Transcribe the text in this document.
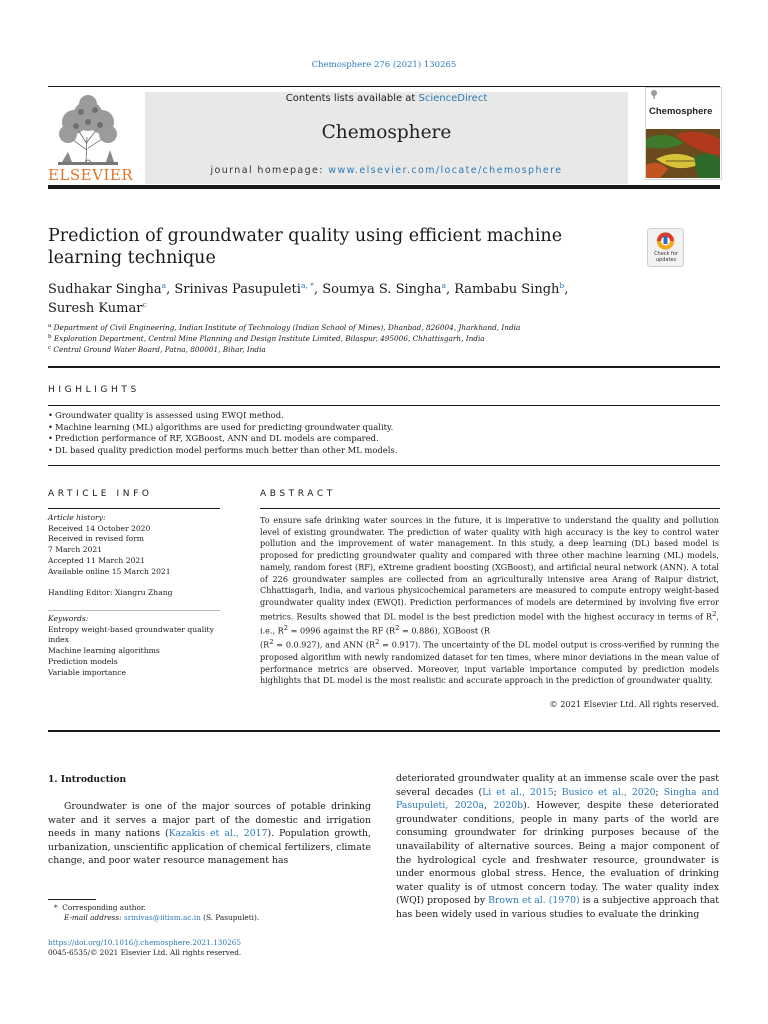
Chemosphere 276 (2021) 130265
ELSEVIER
Contents lists available at ScienceDirect
Chemosphere
journal homepage: www.elsevier.com/locate/chemosphere
Chemosphere
Prediction of groundwater quality using efficient machine learning technique	Check for updates
Sudhakar Singha$^a$, Srinivas Pasupuleti$^{a, *}$, Soumya S. Singha$^a$, Rambabu Singh$^b$,
Suresh Kumar$^c$
$^a$ Department of Civil Engineering, Indian Institute of Technology (Indian School of Mines), Dhanbad, 826004, Jharkhand, India
$^b$ Exploration Department, Central Mine Planning and Design Institute Limited, Bilaspur, 495006, Chhattisgarh, India
$^c$ Central Ground Water Board, Patna, 800001, Bihar, India
HIGHLIGHTS
• Groundwater quality is assessed using EWQI method.
• Machine learning (ML) algorithms are used for predicting groundwater quality.
• Prediction performance of RF, XGBoost, ANN and DL models are compared.
• DL based quality prediction model performs much better than other ML models.
ARTICLE INFO
Article history:
Received 14 October 2020
Received in revised form
7 March 2021
Accepted 11 March 2021
Available online 15 March 2021
Handling Editor: Xiangru Zhang
Keywords:
Entropy weight-based groundwater quality
index
Machine learning algorithms
Prediction models
Variable importance
ABSTRACT
To ensure safe drinking water sources in the future, it is imperative to understand the quality and pollution level of existing groundwater. The prediction of water quality with high accuracy is the key to control water pollution and the improvement of water management. In this study, a deep learning (DL) based model is proposed for predicting groundwater quality and compared with three other machine learning (ML) models, namely, random forest (RF), eXtreme gradient boosting (XGBoost), and artificial neural network (ANN). A total of 226 groundwater samples are collected from an agriculturally intensive area Arang of Raipur district, Chhattisgarh, India, and various physicochemical parameters are measured to compute entropy weight-based groundwater quality index (EWQI). Prediction performances of models are determined by involving five error metrics. Results showed that DL model is the best prediction model with the highest accuracy in terms of $R^2$, i.e., $R^2 = 0996$ against the RF $(R^2 = 0.886)$, XGBoost (R
$(R^2 = 0.0.927)$, and ANN $(R^2 = 0.917)$. The uncertainty of the DL model output is cross-verified by running the proposed algorithm with newly randomized dataset for ten times, where minor deviations in the mean value of performance metrics are observed. Moreover, input variable importance computed by prediction models highlights that DL model is the most realistic and accurate approach in the prediction of groundwater quality.
© 2021 Elsevier Ltd. All rights reserved.
1. Introduction
Groundwater is one of the major sources of potable drinking water and it serves a major part of the domestic and irrigation needs in many nations (Kazakis et al., 2017). Population growth, urbanization, unscientific application of chemical fertilizers, climate change, and poor water resource management has
deteriorated groundwater quality at an immense scale over the past several decades (Li et al., 2015; Busico et al., 2020; Singha and Pasupuleti, 2020a, 2020b). However, despite these deteriorated groundwater conditions, people in many parts of the world are consuming groundwater for drinking purposes because of the unavailability of alternative sources. Being a major component of the hydrological cycle and freshwater resource, groundwater is under enormous global stress. Hence, the evaluation of drinking water quality is of utmost concern today. The water quality index (WQI) proposed by Brown et al. (1970) is a subjective approach that has been widely used in various studies to evaluate the drinking
* Corresponding author.
E-mail address: srinivas@iitism.ac.in (S. Pasupuleti).
https://doi.org/10.1016/j.chemosphere.2021.130265
0045-6535/© 2021 Elsevier Ltd. All rights reserved.
